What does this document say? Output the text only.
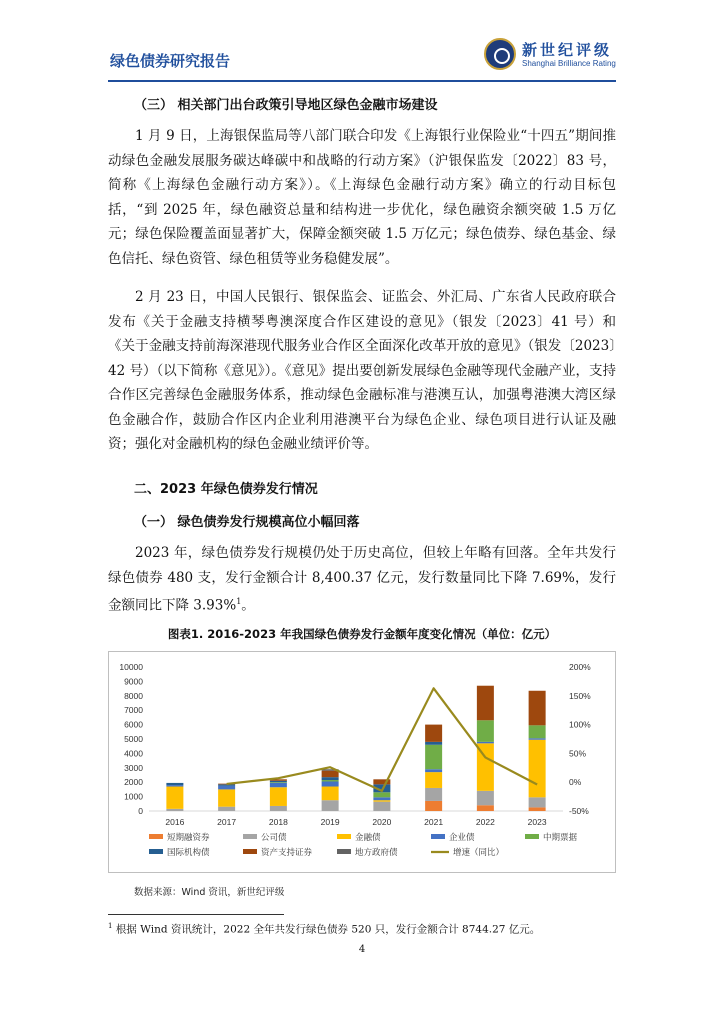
绿色债券研究报告
新世纪评级
Shanghai Brilliance Rating
（三） 相关部门出台政策引导地区绿色金融市场建设

1 月 9 日，上海银保监局等八部门联合印发《上海银行业保险业“十四五”期间推动绿色金融发展服务碳达峰碳中和战略的行动方案》（沪银保监发〔2022〕83 号，简称《上海绿色金融行动方案》）。《上海绿色金融行动方案》确立的行动目标包括，“到 2025 年，绿色融资总量和结构进一步优化，绿色融资余额突破 1.5 万亿元；绿色保险覆盖面显著扩大，保障金额突破 1.5 万亿元；绿色债券、绿色基金、绿色信托、绿色资管、绿色租赁等业务稳健发展”。

2 月 23 日，中国人民银行、银保监会、证监会、外汇局、广东省人民政府联合发布《关于金融支持横琴粤澳深度合作区建设的意见》（银发〔2023〕41 号）和《关于金融支持前海深港现代服务业合作区全面深化改革开放的意见》（银发〔2023〕42 号）（以下简称《意见》）。《意见》提出要创新发展绿色金融等现代金融产业，支持合作区完善绿色金融服务体系，推动绿色金融标准与港澳互认，加强粤港澳大湾区绿色金融合作，鼓励合作区内企业利用港澳平台为绿色企业、绿色项目进行认证及融资；强化对金融机构的绿色金融业绩评价等。

二、2023 年绿色债券发行情况
（一） 绿色债券发行规模高位小幅回落

2023 年，绿色债券发行规模仍处于历史高位，但较上年略有回落。全年共发行绿色债券 480 支，发行金额合计 8,400.37 亿元，发行数量同比下降 7.69%，发行金额同比下降 3.93%$^1$。

图表1. 2016-2023 年我国绿色债券发行金额年度变化情况（单位：亿元）
0
1000
2000
3000
4000
5000
6000
7000
8000
9000
10000
-50%
0%
50%
100%
150%
200%
2016	2017	2018	2019	2020	2021	2022	2023
短期融资券	公司债	金融债	企业债	中期票据
国际机构债	资产支持证券	地方政府债	增速（同比）
数据来源：Wind 资讯，新世纪评级
$^1$ 根据 Wind 资讯统计，2022 全年共发行绿色债券 520 只，发行金额合计 8744.27 亿元。
4
